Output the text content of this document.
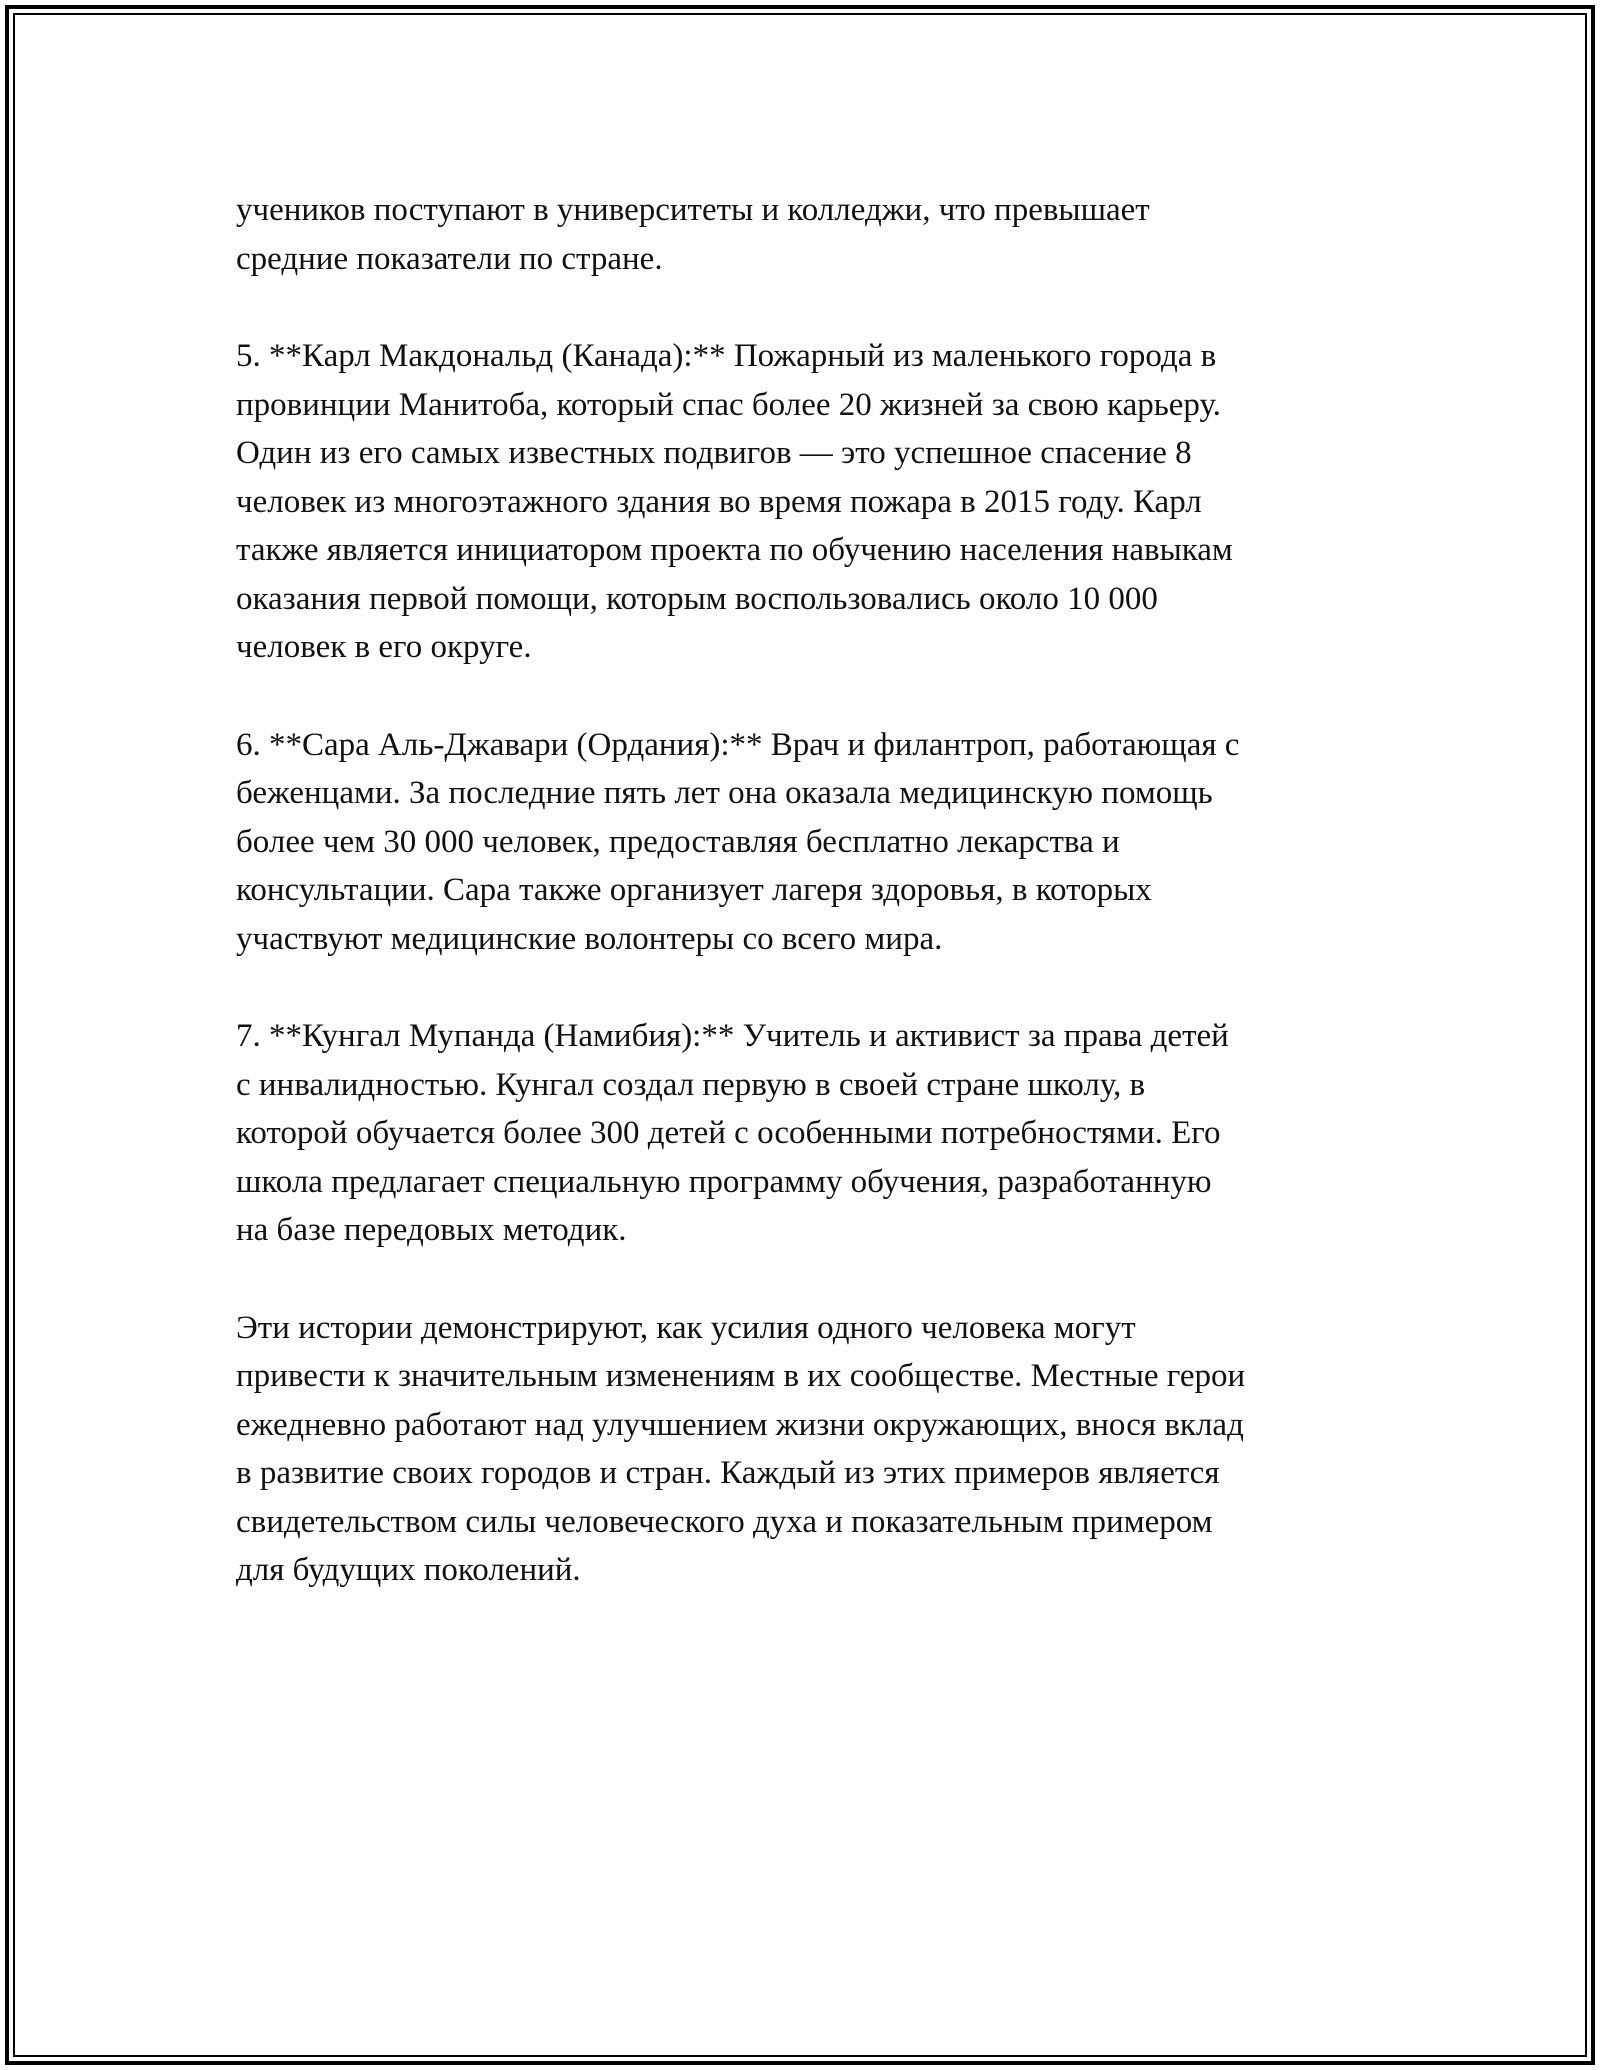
учеников поступают в университеты и колледжи, что превышает
средние показатели по стране.

5. **Карл Макдональд (Канада):** Пожарный из маленького города в
провинции Манитоба, который спас более 20 жизней за свою карьеру.
Один из его самых известных подвигов — это успешное спасение 8
человек из многоэтажного здания во время пожара в 2015 году. Карл
также является инициатором проекта по обучению населения навыкам
оказания первой помощи, которым воспользовались около 10 000
человек в его округе.

6. **Сара Аль-Джавари (Ордания):** Врач и филантроп, работающая с
беженцами. За последние пять лет она оказала медицинскую помощь
более чем 30 000 человек, предоставляя бесплатно лекарства и
консультации. Сара также организует лагеря здоровья, в которых
участвуют медицинские волонтеры со всего мира.

7. **Кунгал Мупанда (Намибия):** Учитель и активист за права детей
с инвалидностью. Кунгал создал первую в своей стране школу, в
которой обучается более 300 детей с особенными потребностями. Его
школа предлагает специальную программу обучения, разработанную
на базе передовых методик.

Эти истории демонстрируют, как усилия одного человека могут
привести к значительным изменениям в их сообществе. Местные герои
ежедневно работают над улучшением жизни окружающих, внося вклад
в развитие своих городов и стран. Каждый из этих примеров является
свидетельством силы человеческого духа и показательным примером
для будущих поколений.
